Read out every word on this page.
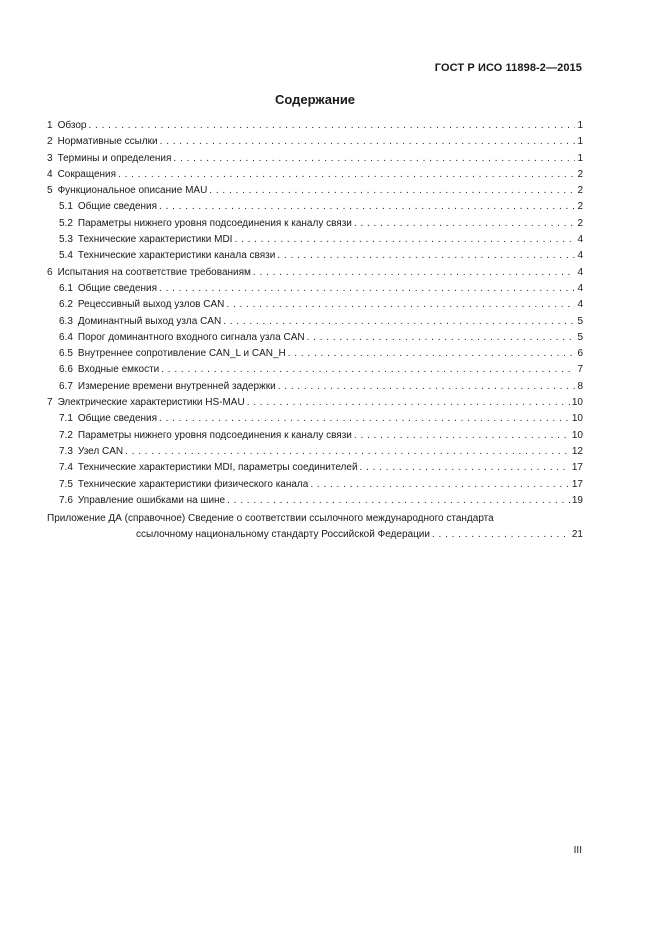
ГОСТ Р ИСО 11898-2—2015
Содержание
1 Обзор . . .	1
2 Нормативные ссылки . . .	1
3 Термины и определения . . .	1
4 Сокращения . . .	2
5 Функциональное описание MAU . . .	2
5.1 Общие сведения . . .	2
5.2 Параметры нижнего уровня подсоединения к каналу связи . . .	2
5.3 Технические характеристики MDI . . .	4
5.4 Технические характеристики канала связи . . .	4
6 Испытания на соответствие требованиям . . .	4
6.1 Общие сведения . . .	4
6.2 Рецессивный выход узлов CAN . . .	4
6.3 Доминантный выход узла CAN . . .	5
6.4 Порог доминантного входного сигнала узла CAN . . .	5
6.5 Внутреннее сопротивление CAN_L и CAN_H . . .	6
6.6 Входные емкости . . .	7
6.7 Измерение времени внутренней задержки . . .	8
7 Электрические характеристики HS-MAU . . .	10
7.1 Общие сведения . . .	10
7.2 Параметры нижнего уровня подсоединения к каналу связи . . .	10
7.3 Узел CAN . . .	12
7.4 Технические характеристики MDI, параметры соединителей . . .	17
7.5 Технические характеристики физического канала . . .	17
7.6 Управление ошибками на шине . . .	19
Приложение ДА (справочное) Сведение о соответствии ссылочного международного стандарта
ссылочному национальному стандарту Российской Федерации . . .	21
III
